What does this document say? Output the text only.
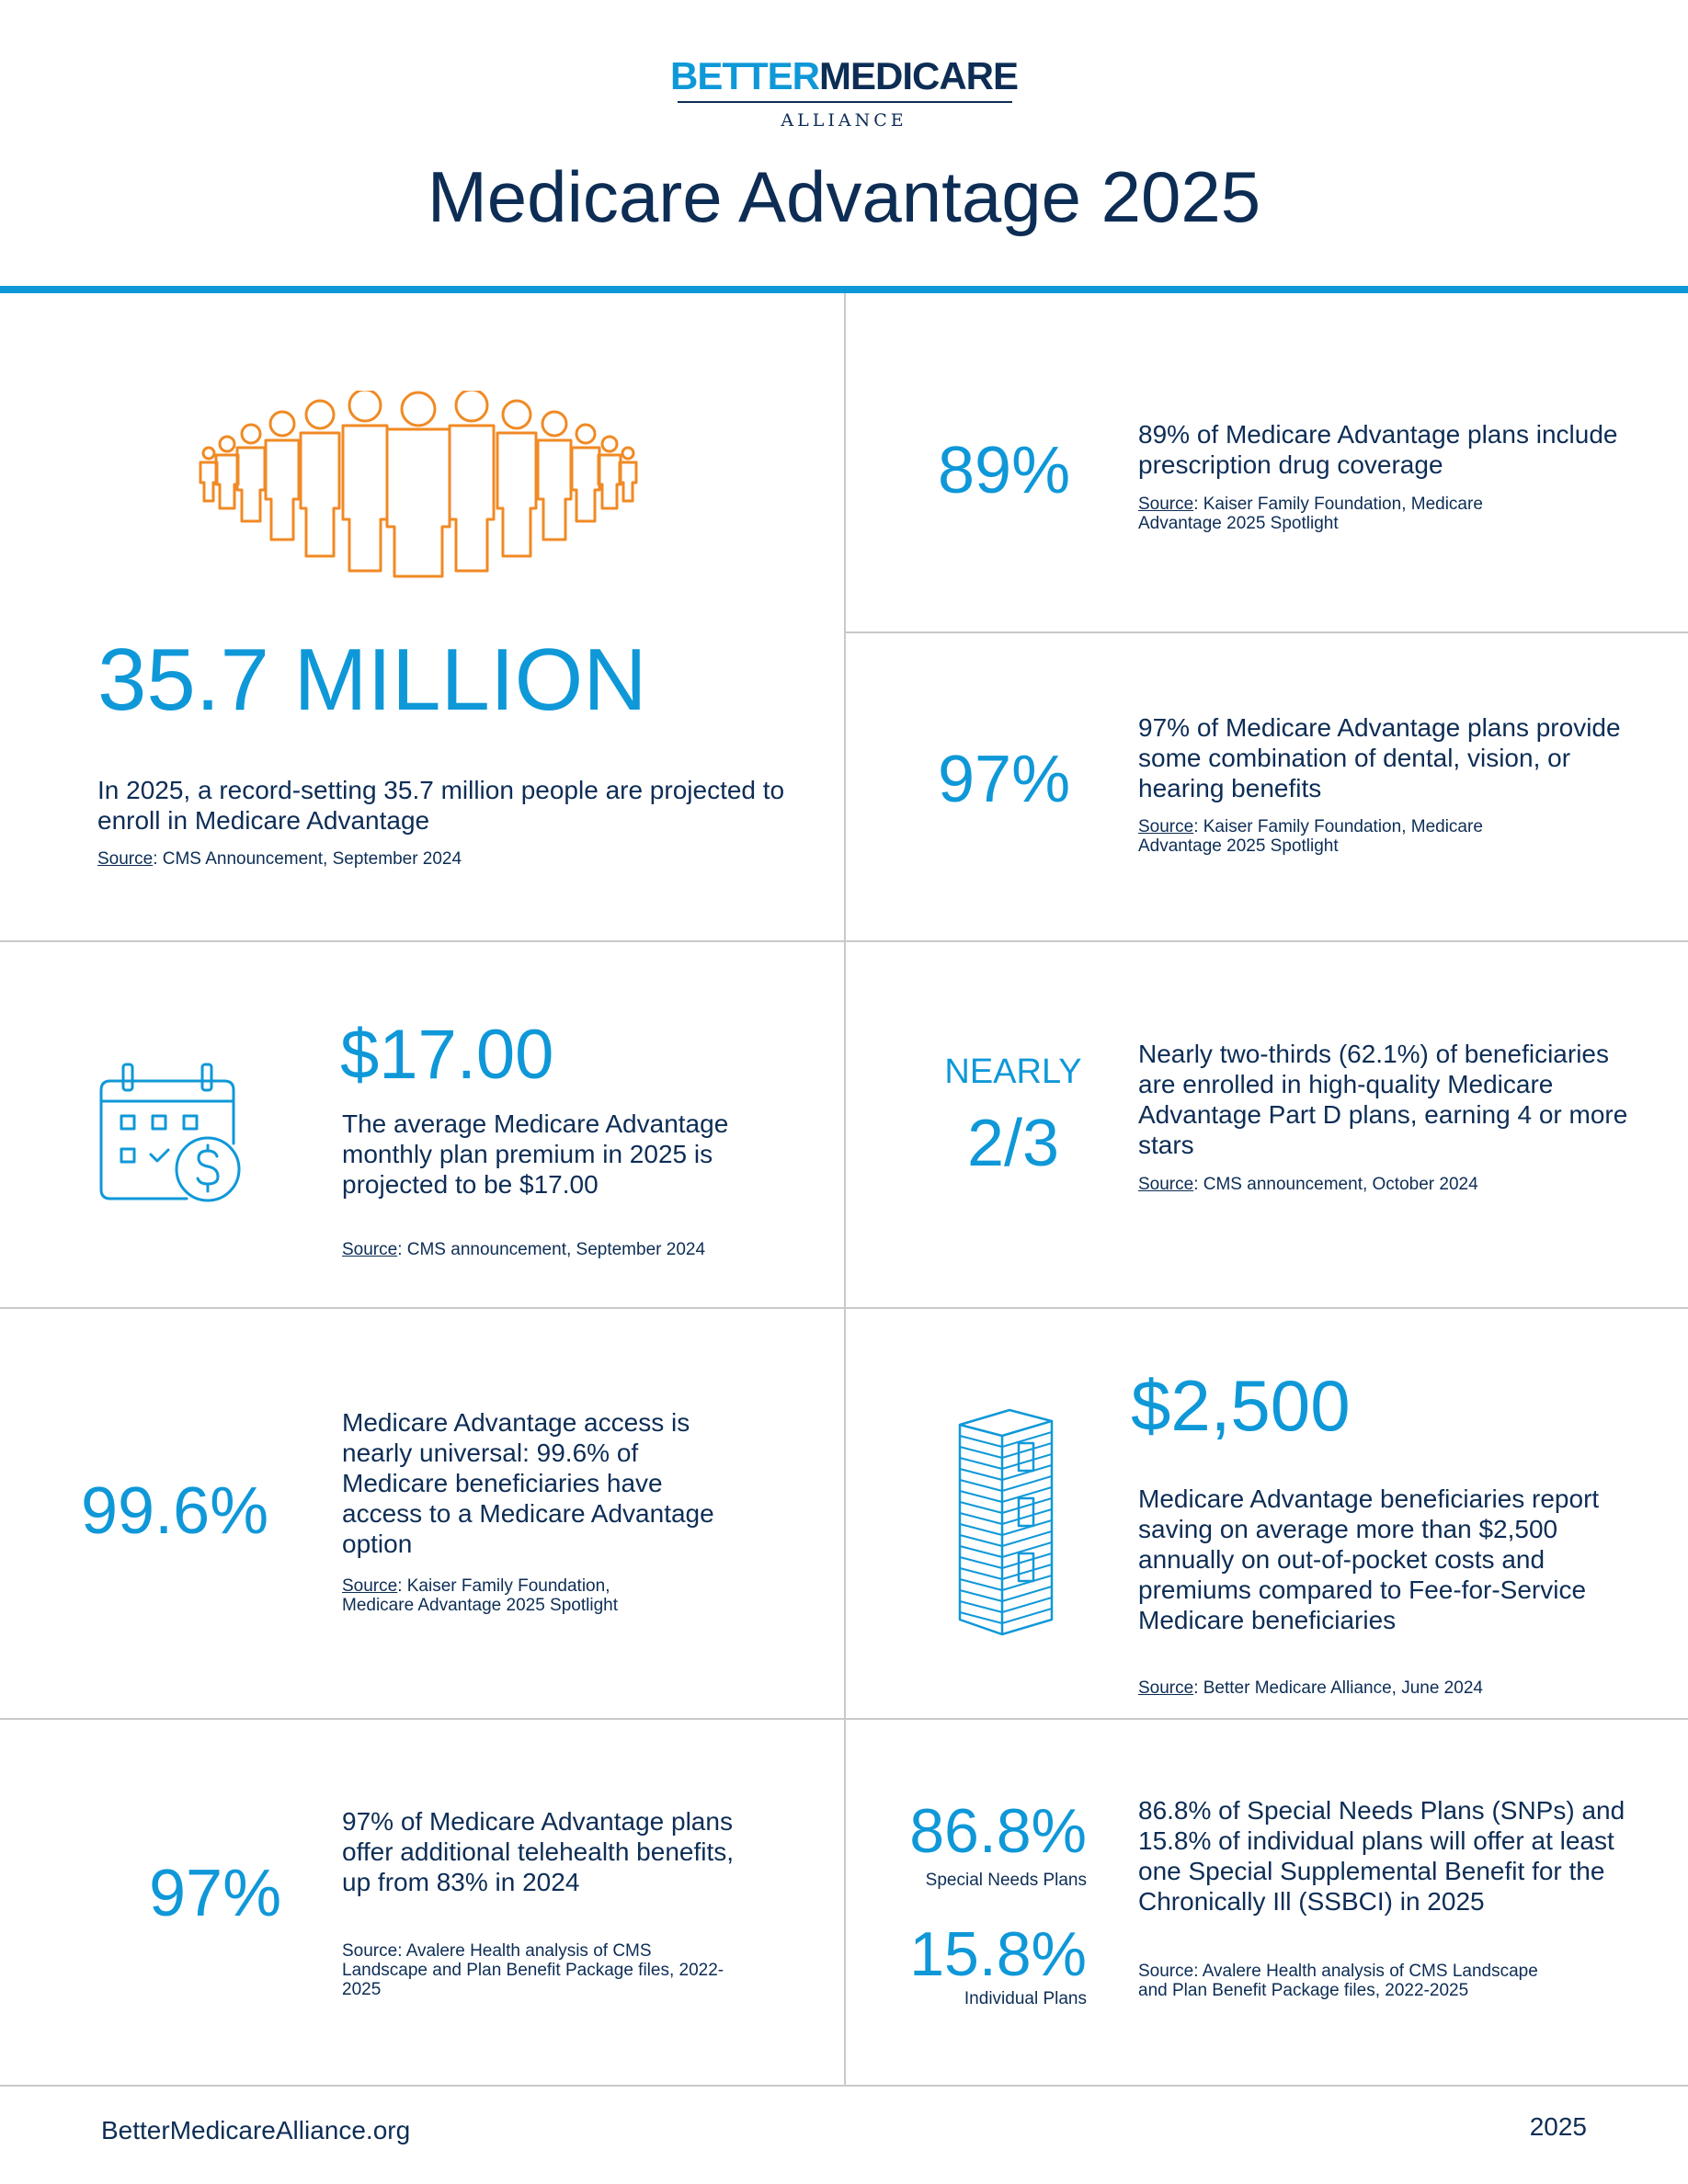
BETTERMEDICARE
ALLIANCE
Medicare Advantage 2025
35.7 MILLION
In 2025, a record-setting 35.7 million people are projected to enroll in Medicare Advantage
Source: CMS Announcement, September 2024
89%	89% of Medicare Advantage plans include prescription drug coverage
Source: Kaiser Family Foundation, Medicare
Advantage 2025 Spotlight
97%
97% of Medicare Advantage plans provide some combination of dental, vision, or hearing benefits
Source: Kaiser Family Foundation, Medicare
Advantage 2025 Spotlight
$17.00
The average Medicare Advantage monthly plan premium in 2025 is projected to be $17.00
Source: CMS announcement, September 2024
NEARLY
2/3
Nearly two-thirds (62.1%) of beneficiaries are enrolled in high-quality Medicare Advantage Part D plans, earning 4 or more stars
Source: CMS announcement, October 2024
99.6%
Medicare Advantage access is nearly universal: 99.6% of Medicare beneficiaries have access to a Medicare Advantage option
Source: Kaiser Family Foundation,
Medicare Advantage 2025 Spotlight
$2,500
Medicare Advantage beneficiaries report saving on average more than $2,500 annually on out-of-pocket costs and premiums compared to Fee-for-Service Medicare beneficiaries
Source: Better Medicare Alliance, June 2024
97%
97% of Medicare Advantage plans offer additional telehealth benefits, up from 83% in 2024
Source: Avalere Health analysis of CMS Landscape and Plan Benefit Package files, 2022-2025
86.8%
Special Needs Plans
15.8%
Individual Plans
86.8% of Special Needs Plans (SNPs) and 15.8% of individual plans will offer at least one Special Supplemental Benefit for the Chronically Ill (SSBCI) in 2025
Source: Avalere Health analysis of CMS Landscape
and Plan Benefit Package files, 2022-2025
BetterMedicareAlliance.org	2025
